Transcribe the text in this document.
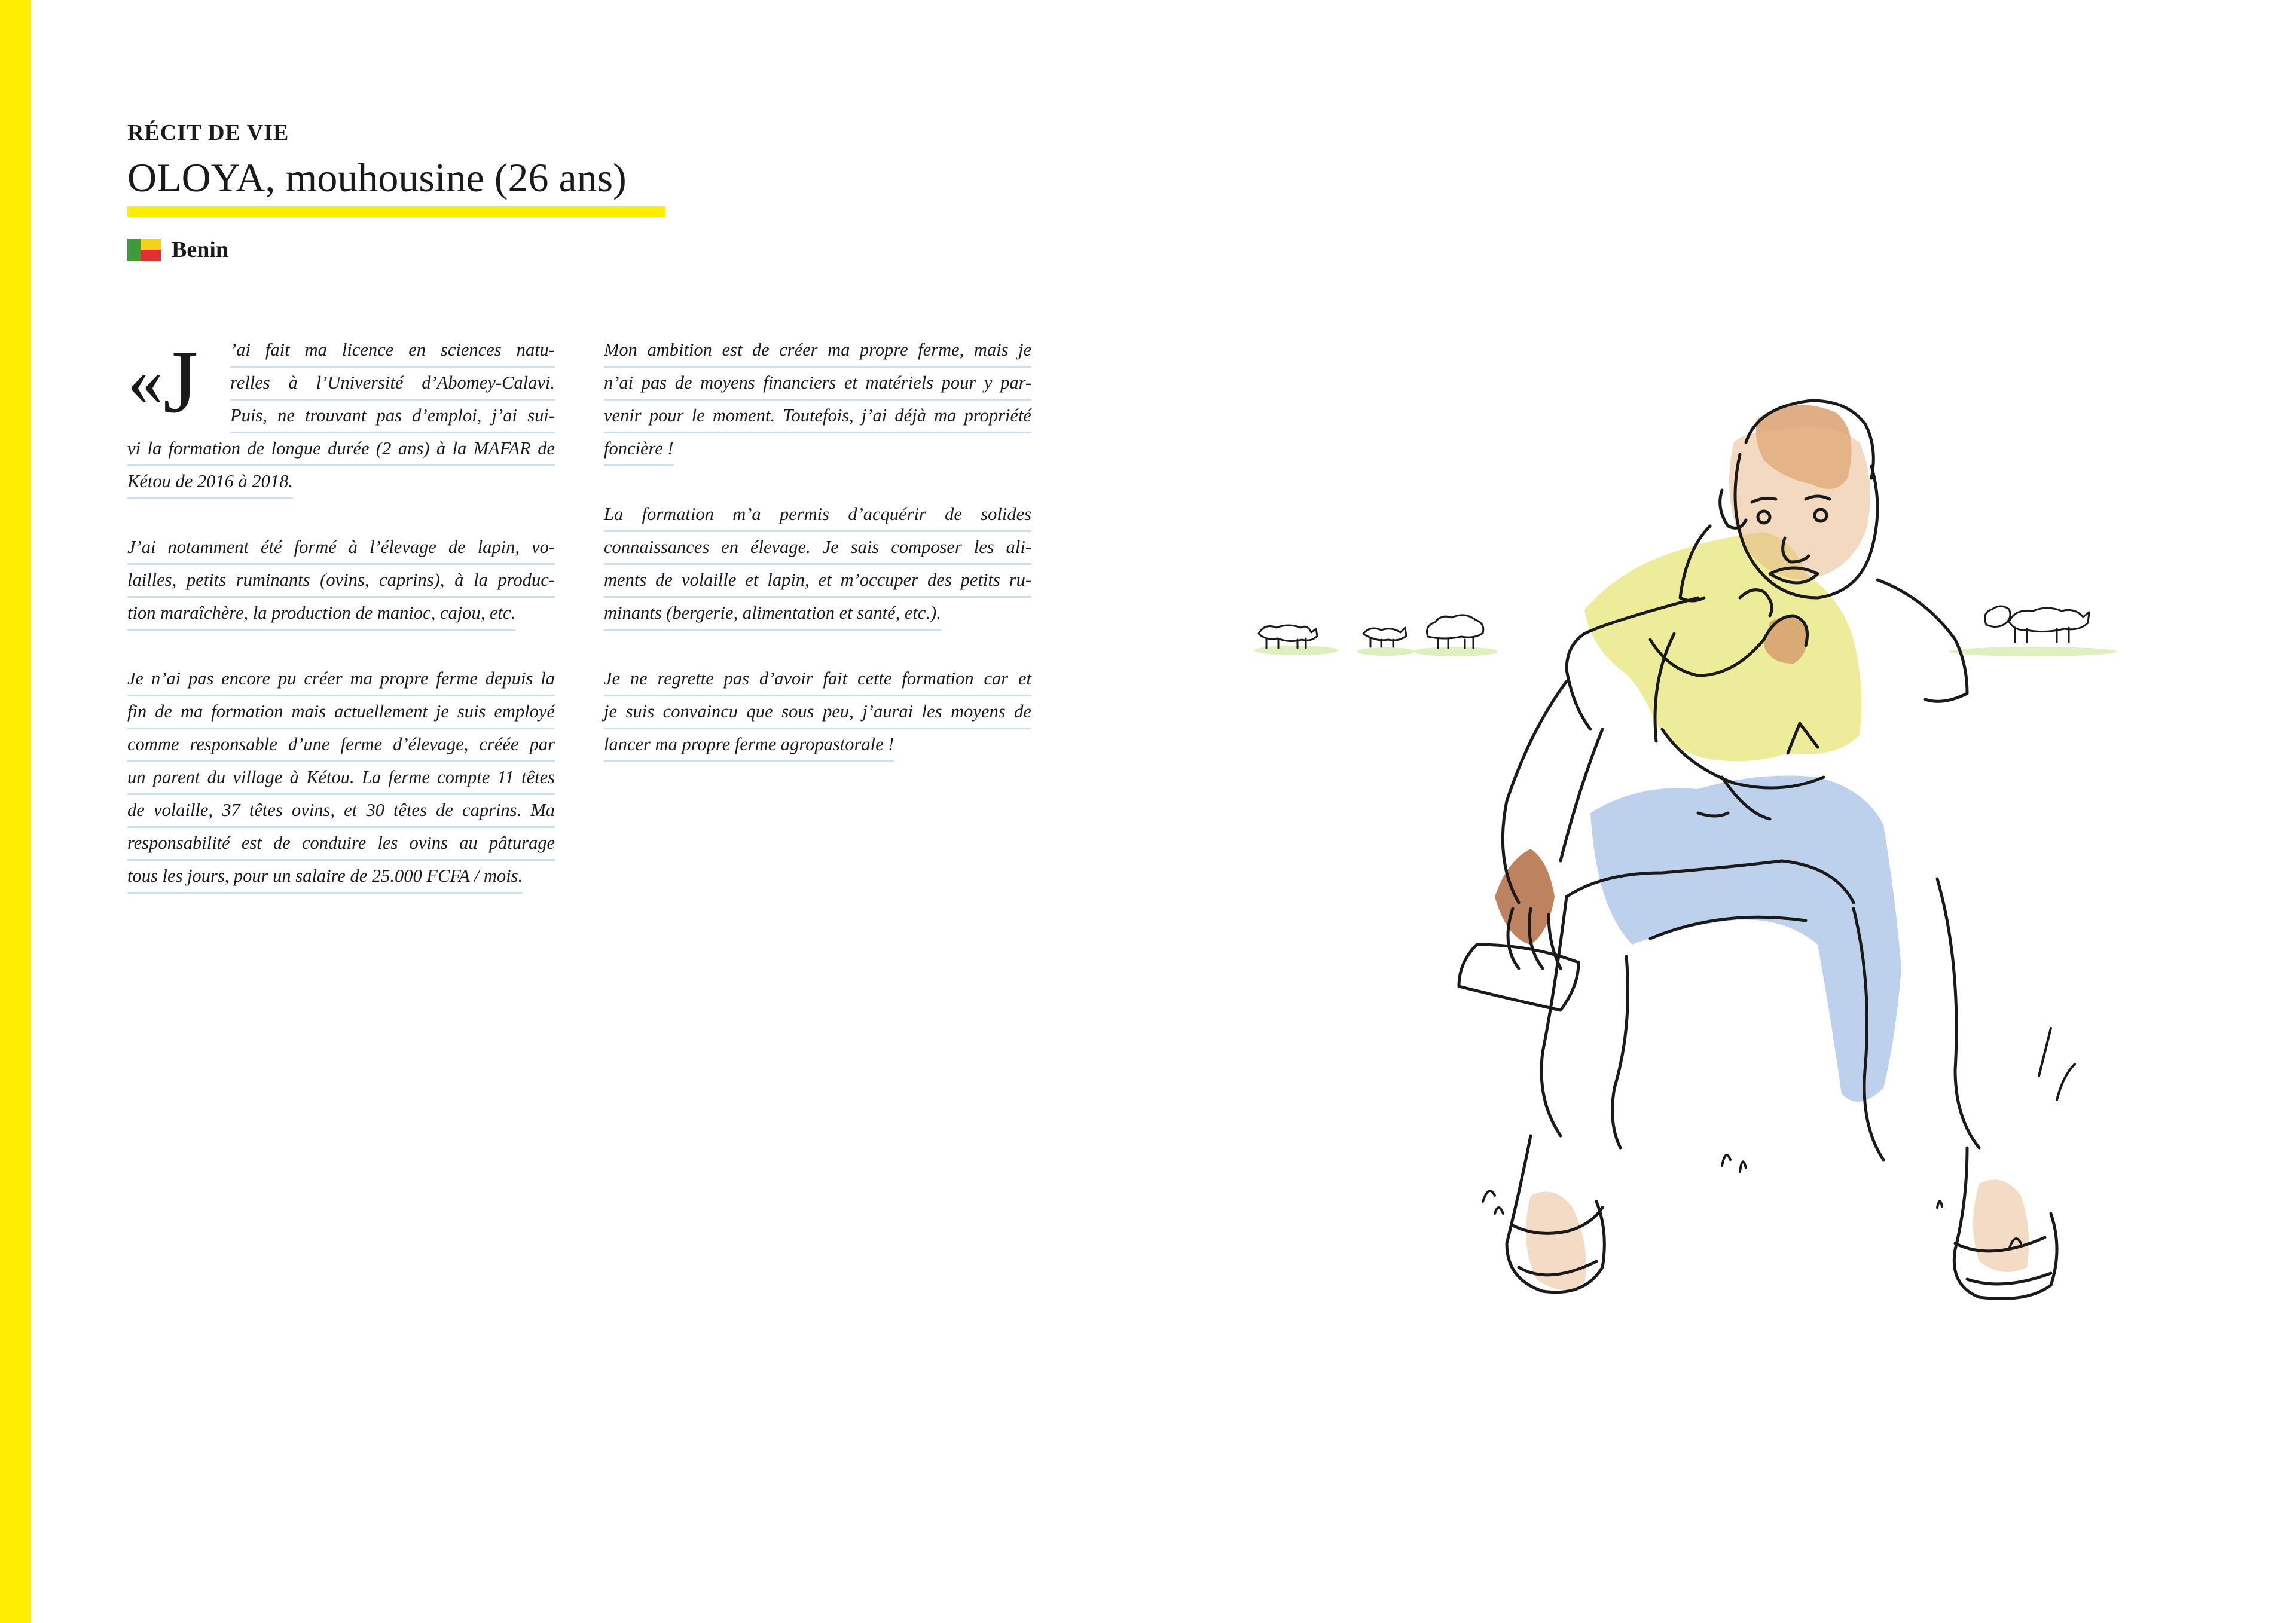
RÉCIT DE VIE
OLOYA, mouhousine (26 ans)
Benin
«J ’ai fait ma licence en sciences natu-
relles à l’Université d’Abomey-Calavi.
Puis, ne trouvant pas d’emploi, j’ai sui-
vi la formation de longue durée (2 ans) à la MAFAR de
Kétou de 2016 à 2018.
J’ai notamment été formé à l’élevage de lapin, vo-
lailles, petits ruminants (ovins, caprins), à la produc-
tion maraîchère, la production de manioc, cajou, etc.
Je n’ai pas encore pu créer ma propre ferme depuis la
fin de ma formation mais actuellement je suis employé
comme responsable d’une ferme d’élevage, créée par
un parent du village à Kétou. La ferme compte 11 têtes
de volaille, 37 têtes ovins, et 30 têtes de caprins. Ma
responsabilité est de conduire les ovins au pâturage
tous les jours, pour un salaire de 25.000 FCFA / mois.
Mon ambition est de créer ma propre ferme, mais je
n’ai pas de moyens financiers et matériels pour y par-
venir pour le moment. Toutefois, j’ai déjà ma propriété
foncière !
La formation m’a permis d’acquérir de solides
connaissances en élevage. Je sais composer les ali-
ments de volaille et lapin, et m’occuper des petits ru-
minants (bergerie, alimentation et santé, etc.).
Je ne regrette pas d’avoir fait cette formation car et
je suis convaincu que sous peu, j’aurai les moyens de
lancer ma propre ferme agropastorale !
